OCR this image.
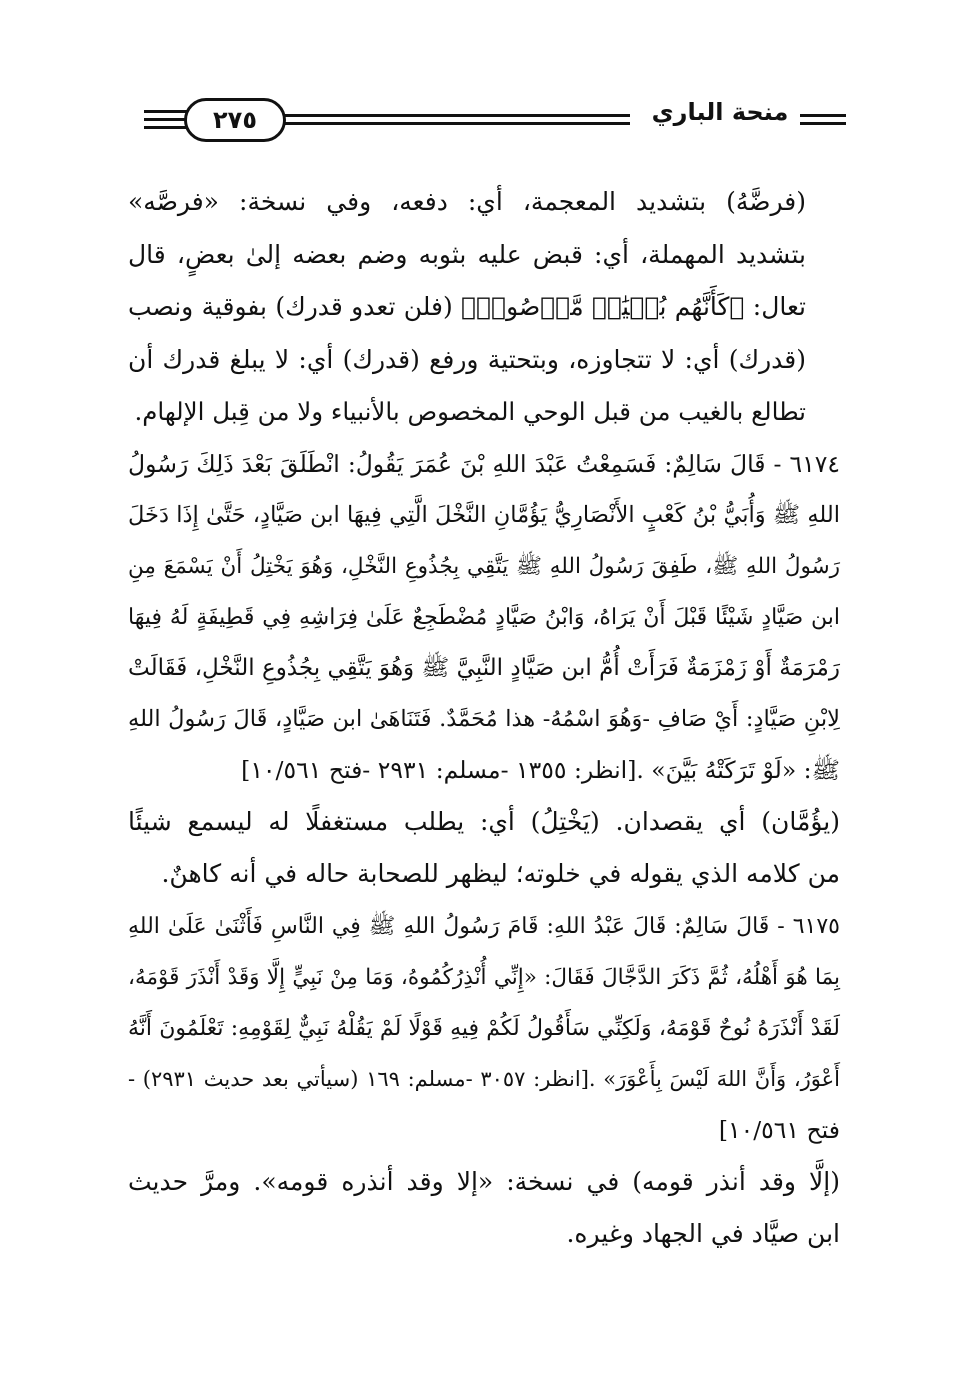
٢٧٥	منحة الباري

(فرضَّهُ) بتشديد المعجمة، أي: دفعه، وفي نسخة: «فرصَّه»
بتشديد المهملة، أي: قبض عليه بثوبه وضم بعضه إلىٰ بعضٍ، قال
تعال: ﴿كَأَنَّهُم بُنۡيَٰنٞ مَّرۡصُوصٞ﴾ (فلن تعدو قدرك) بفوقية ونصب
(قدرك) أي: لا تتجاوزه، وبتحتية ورفع (قدرك) أي: لا يبلغ قدرك أن
تطالع بالغيب من قبل الوحي المخصوص بالأنبياء ولا من قِبل الإلهام.

٦١٧٤ - قَالَ سَالِمٌ: فَسَمِعْتُ عَبْدَ اللهِ بْنَ عُمَرَ يَقُولُ: انْطَلَقَ بَعْدَ ذَلِكَ رَسُولُ
اللهِ ﷺ وَأُبَيُّ بْنُ كَعْبٍ الأَنْصَارِيُّ يَؤُمَّانِ النَّخْلَ الَّتِي فِيهَا ابن صَيَّادٍ، حَتَّىٰ إِذَا دَخَلَ
رَسُولُ اللهِ ﷺ، طَفِقَ رَسُولُ اللهِ ﷺ يَتَّقِي بِجُذُوعِ النَّخْلِ، وَهُوَ يَخْتِلُ أَنْ يَسْمَعَ مِنِ
ابن صَيَّادٍ شَيْئًا قَبْلَ أَنْ يَرَاهُ، وَابْنُ صَيَّادٍ مُضْطَجِعٌ عَلَىٰ فِرَاشِهِ فِي قَطِيفَةٍ لَهُ فِيهَا
رَمْرَمَةٌ أَوْ زَمْزَمَةٌ فَرَأَتْ أُمُّ ابن صَيَّادٍ النَّبِيَّ ﷺ وَهُوَ يَتَّقِي بِجُذُوعِ النَّخْلِ، فَقَالَتْ
لِابْنِ صَيَّادٍ: أَيْ صَافِ -وَهُوَ اسْمُهُ- هذا مُحَمَّدٌ. فَتَنَاهَىٰ ابن صَيَّادٍ، قَالَ رَسُولُ اللهِ
ﷺ: «لَوْ تَرَكَتْهُ بَيَّنَ» .[انظر: ١٣٥٥ -مسلم: ٢٩٣١ -فتح ١٠/٥٦١]

(يؤُمَّان) أي يقصدان. (يَخْتِلُ) أي: يطلب مستغفلًا له ليسمع شيئًا
من كلامه الذي يقوله في خلوته؛ ليظهر للصحابة حاله في أنه كاهنٌ.

٦١٧٥ - قَالَ سَالِمٌ: قَالَ عَبْدُ اللهِ: قَامَ رَسُولُ اللهِ ﷺ فِي النَّاسِ فَأَثْنَىٰ عَلَىٰ اللهِ
بِمَا هُوَ أَهْلُهُ، ثُمَّ ذَكَرَ الدَّجَّالَ فَقَالَ: «إِنِّي أُنْذِرُكُمُوهُ، وَمَا مِنْ نَبِيٍّ إِلَّا وَقَدْ أَنْذَرَ قَوْمَهُ،
لَقَدْ أَنْذَرَهُ نُوحٌ قَوْمَهُ، وَلَكِنِّي سَأَقُولُ لَكُمْ فِيهِ قَوْلًا لَمْ يَقُلْهُ نَبِيٌّ لِقَوْمِهِ: تَعْلَمُونَ أَنَّهُ
أَعْوَرُ، وَأَنَّ اللهَ لَيْسَ بِأَعْوَرَ» .[انظر: ٣٠٥٧ -مسلم: ١٦٩ (سيأتي بعد حديث ٢٩٣١) -
فتح ١٠/٥٦١]

(إلَّا وقد أنذر قومه) في نسخة: «إلا وقد أنذره قومه». ومرَّ حديث
ابن صيَّاد في الجهاد وغيره.
